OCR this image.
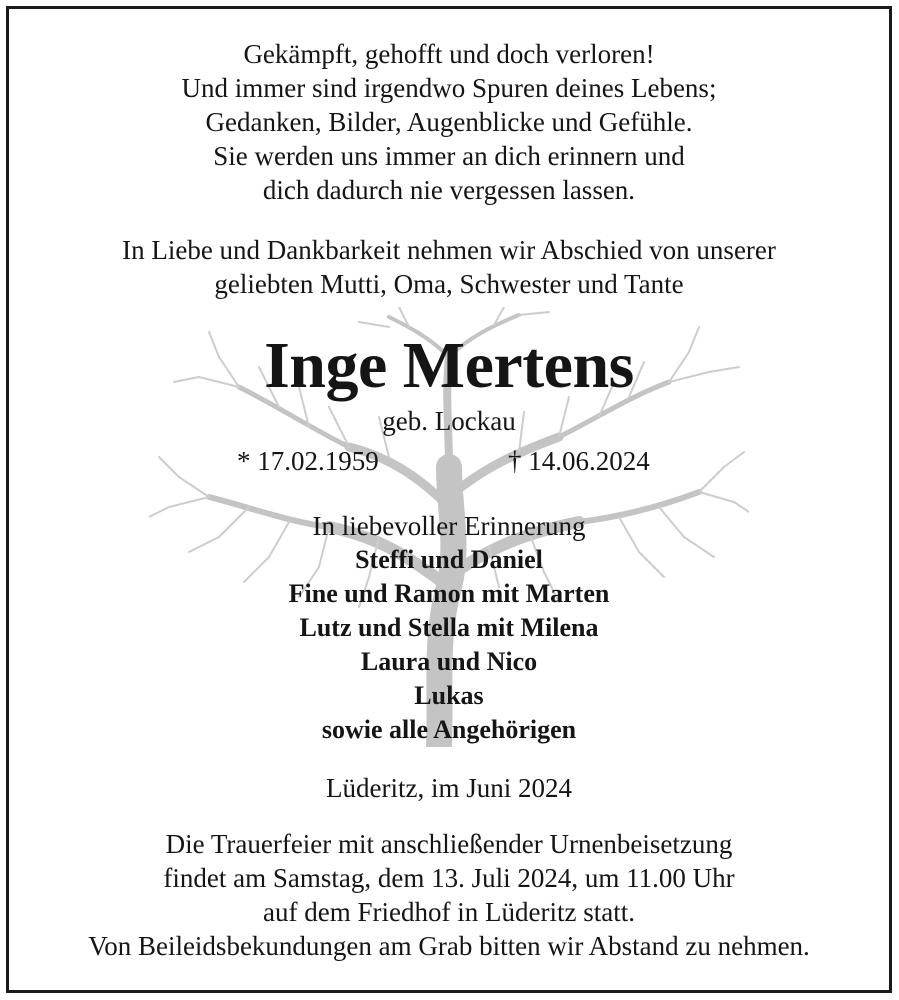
Gekämpft, gehofft und doch verloren!
Und immer sind irgendwo Spuren deines Lebens;
Gedanken, Bilder, Augenblicke und Gefühle.
Sie werden uns immer an dich erinnern und
dich dadurch nie vergessen lassen.
In Liebe und Dankbarkeit nehmen wir Abschied von unserer
geliebten Mutti, Oma, Schwester und Tante
Inge Mertens
geb. Lockau
* 17.02.1959	† 14.06.2024
In liebevoller Erinnerung
Steffi und Daniel
Fine und Ramon mit Marten
Lutz und Stella mit Milena
Laura und Nico
Lukas
sowie alle Angehörigen
Lüderitz, im Juni 2024
Die Trauerfeier mit anschließender Urnenbeisetzung
findet am Samstag, dem 13. Juli 2024, um 11.00 Uhr
auf dem Friedhof in Lüderitz statt.
Von Beileidsbekundungen am Grab bitten wir Abstand zu nehmen.
